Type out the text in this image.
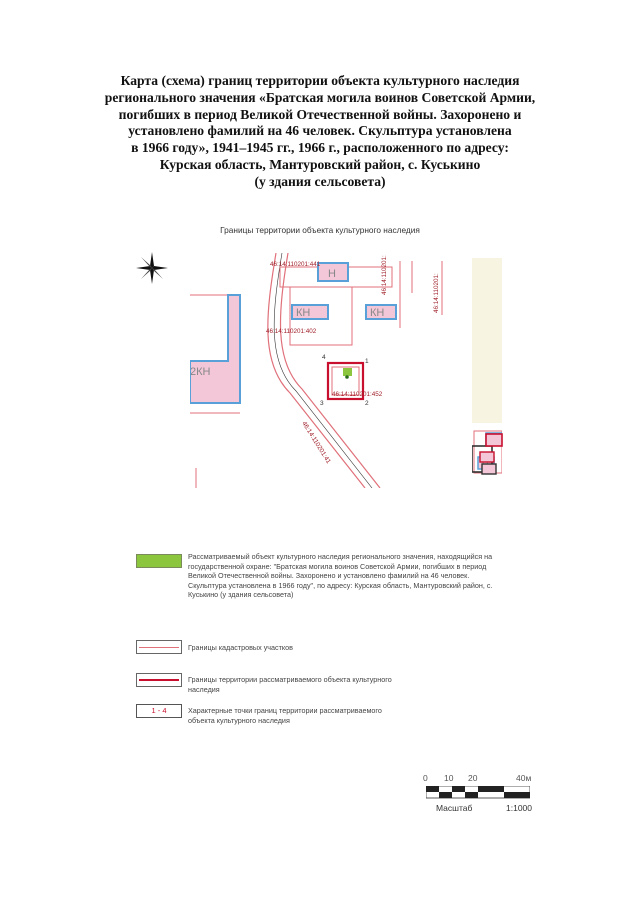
Карта (схема) границ территории объекта культурного наследия
регионального значения «Братская могила воинов Советской Армии,
погибших в период Великой Отечественной войны. Захоронено и
установлено фамилий на 46 человек. Скульптура установлена
в 1966 году», 1941–1945 гг., 1966 г., расположенного по адресу:
Курская область, Мантуровский район, с. Куськино
(у здания сельсовета)
Границы территории объекта культурного наследия
2КН
46:14:110201:41
Н
46:14:110201:441
КН
46:14:110201:402
КН
46:14:110201:	46:14:110201:
46:14:110201:452
1
2
3
4
Рассматриваемый объект культурного наследия регионального значения, находящийся на
государственной охране: "Братская могила воинов Советской Армии, погибших в период
Великой Отечественной войны. Захоронено и установлено фамилий на 46 человек.
Скульптура установлена в 1966 году", по адресу: Курская область, Мантуровский район, с.
Куськино (у здания сельсовета)
Границы кадастровых участков
Границы территории рассматриваемого объекта культурного
наследия
1 - 4	Характерные точки границ территории рассматриваемого
объекта культурного наследия
0 10 20	40м
Масштаб	1:1000
